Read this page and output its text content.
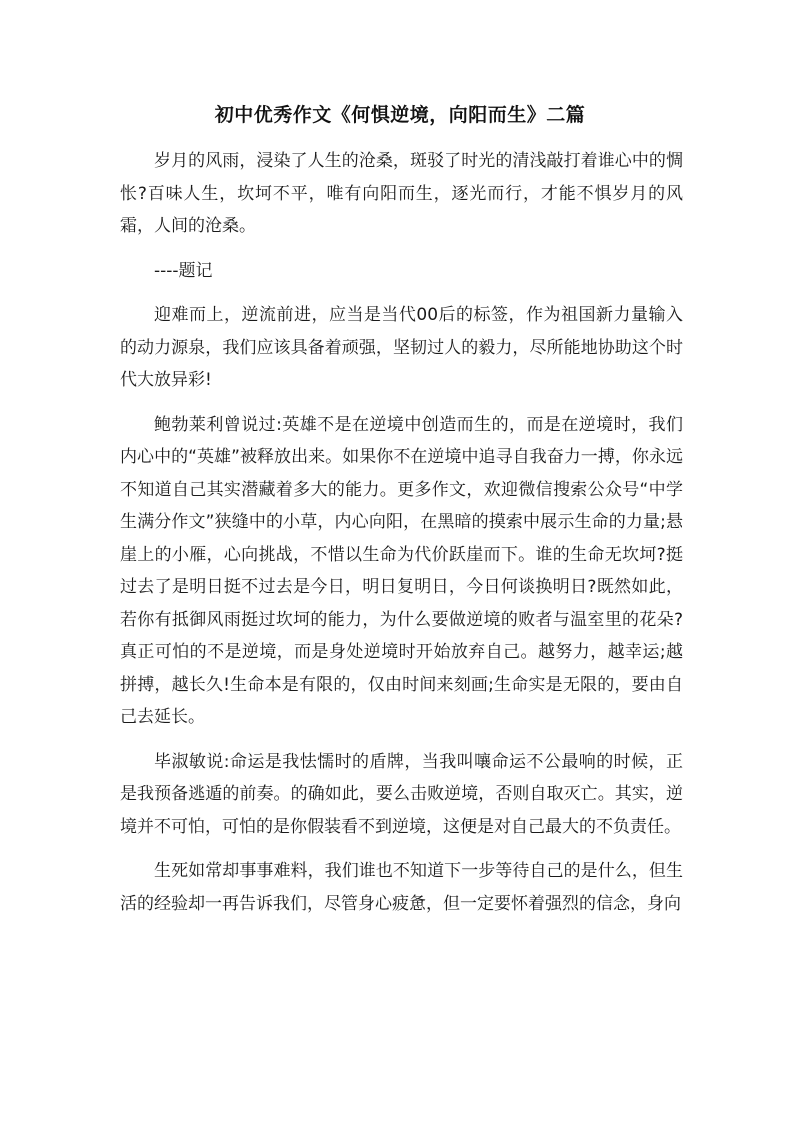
初中优秀作文《何惧逆境，向阳而生》二篇

岁月的风雨，浸染了人生的沧桑，斑驳了时光的清浅敲打着谁心中的惆怅?百味人生，坎坷不平，唯有向阳而生，逐光而行，才能不惧岁月的风霜，人间的沧桑。

----题记

迎难而上，逆流前进，应当是当代00后的标签，作为祖国新力量输入的动力源泉，我们应该具备着顽强，坚韧过人的毅力，尽所能地协助这个时代大放异彩!

鲍勃莱利曾说过:英雄不是在逆境中创造而生的，而是在逆境时，我们内心中的“英雄”被释放出来。如果你不在逆境中追寻自我奋力一搏，你永远不知道自己其实潜藏着多大的能力。更多作文，欢迎微信搜索公众号“中学生满分作文”狭缝中的小草，内心向阳，在黑暗的摸索中展示生命的力量;悬崖上的小雁，心向挑战，不惜以生命为代价跃崖而下。谁的生命无坎坷?挺过去了是明日挺不过去是今日，明日复明日，今日何谈换明日?既然如此，若你有抵御风雨挺过坎坷的能力，为什么要做逆境的败者与温室里的花朵?真正可怕的不是逆境，而是身处逆境时开始放弃自己。越努力，越幸运;越拼搏，越长久!生命本是有限的，仅由时间来刻画;生命实是无限的，要由自己去延长。

毕淑敏说:命运是我怯懦时的盾牌，当我叫嚷命运不公最响的时候，正是我预备逃遁的前奏。的确如此，要么击败逆境，否则自取灭亡。其实，逆境并不可怕，可怕的是你假装看不到逆境，这便是对自己最大的不负责任。

生死如常却事事难料，我们谁也不知道下一步等待自己的是什么，但生活的经验却一再告诉我们，尽管身心疲惫，但一定要怀着强烈的信念，身向
